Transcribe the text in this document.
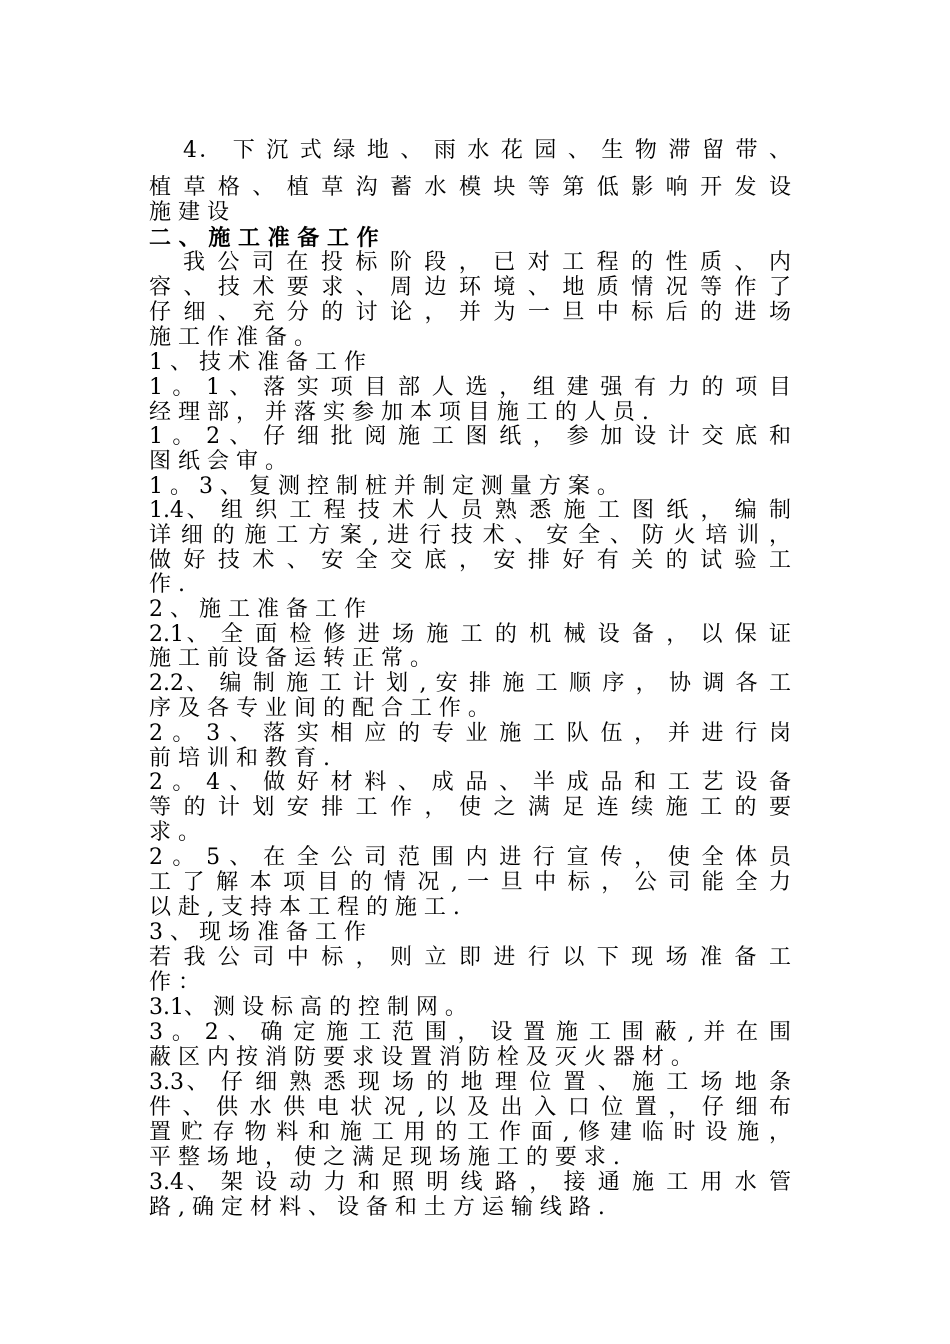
4． 下 沉 式 绿 地 、 雨 水 花 园 、 生 物 滞 留 带 、
植 草 格 、 植 草 沟 蓄 水 模 块 等 第 低 影 响 开 发 设
施 建 设
二 、 施 工 准 备 工 作
我 公 司 在 投 标 阶 段 ， 已 对 工 程 的 性 质 、 内
容 、 技 术 要 求 、 周 边 环 境 、 地 质 情 况 等 作 了
仔 细 、 充 分 的 讨 论 ， 并 为 一 旦 中 标 后 的 进 场
施 工 作 准 备 。
1 、 技 术 准 备 工 作
1 。 1 、 落 实 项 目 部 人 选 ， 组 建 强 有 力 的 项 目
经 理 部 ， 并 落 实 参 加 本 项 目 施 工 的 人 员 .
1 。 2 、 仔 细 批 阅 施 工 图 纸 ， 参 加 设 计 交 底 和
图 纸 会 审 。
1 。 3 、 复 测 控 制 桩 并 制 定 测 量 方 案 。
1.4、 组 织 工 程 技 术 人 员 熟 悉 施 工 图 纸 ， 编 制
详 细 的 施 工 方 案 , 进 行 技 术 、 安 全 、 防 火 培 训 ，
做 好 技 术 、 安 全 交 底 ， 安 排 好 有 关 的 试 验 工
作 .
2 、 施 工 准 备 工 作
2.1、 全 面 检 修 进 场 施 工 的 机 械 设 备 ， 以 保 证
施 工 前 设 备 运 转 正 常 。
2.2、 编 制 施 工 计 划 , 安 排 施 工 顺 序 ， 协 调 各 工
序 及 各 专 业 间 的 配 合 工 作 。
2 。 3 、 落 实 相 应 的 专 业 施 工 队 伍 ， 并 进 行 岗
前 培 训 和 教 育 .
2 。 4 、 做 好 材 料 、 成 品 、 半 成 品 和 工 艺 设 备
等 的 计 划 安 排 工 作 ， 使 之 满 足 连 续 施 工 的 要
求 。
2 。 5 、 在 全 公 司 范 围 内 进 行 宣 传 ， 使 全 体 员
工 了 解 本 项 目 的 情 况 , 一 旦 中 标 ， 公 司 能 全 力
以 赴 , 支 持 本 工 程 的 施 工 .
3 、 现 场 准 备 工 作
若 我 公 司 中 标 ， 则 立 即 进 行 以 下 现 场 准 备 工
作 ：
3.1、 测 设 标 高 的 控 制 网 。
3 。 2 、 确 定 施 工 范 围 ， 设 置 施 工 围 蔽 , 并 在 围
蔽 区 内 按 消 防 要 求 设 置 消 防 栓 及 灭 火 器 材 。
3.3、 仔 细 熟 悉 现 场 的 地 理 位 置 、 施 工 场 地 条
件 、 供 水 供 电 状 况 , 以 及 出 入 口 位 置 ， 仔 细 布
置 贮 存 物 料 和 施 工 用 的 工 作 面 , 修 建 临 时 设 施 ，
平 整 场 地 ， 使 之 满 足 现 场 施 工 的 要 求 .
3.4、 架 设 动 力 和 照 明 线 路 ， 接 通 施 工 用 水 管
路 , 确 定 材 料 、 设 备 和 土 方 运 输 线 路 .
